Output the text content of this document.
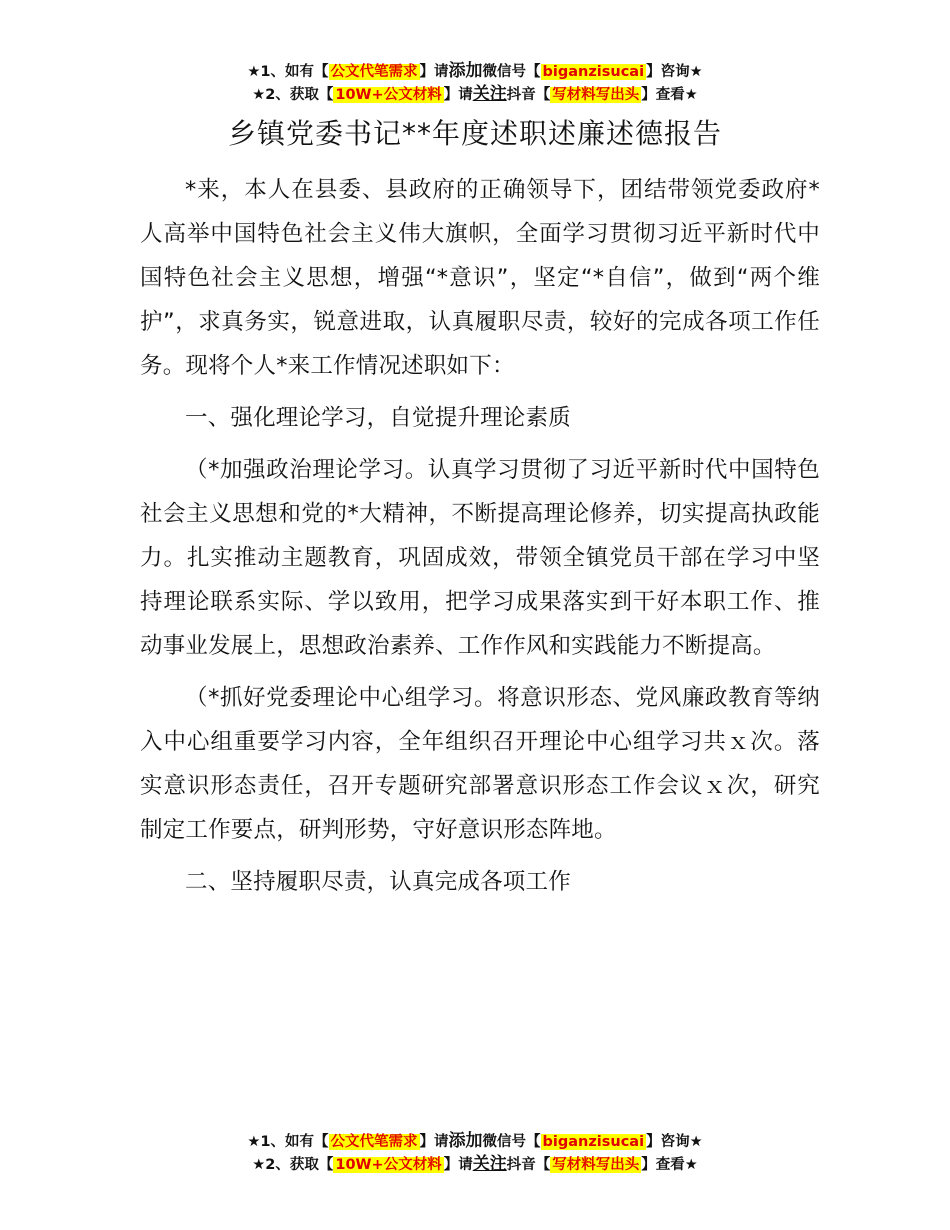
★1、如有【 公文代笔需求 】请添加微信号【 biganzisucai 】咨询★
★2、获取【 10W+公文材料 】请关注抖音【 写材料写出头 】查看★
乡镇党委书记**年度述职述廉述德报告

*来，本人在县委、县政府的正确领导下，团结带领党委政府*人高举中国特色社会主义伟大旗帜，全面学习贯彻习近平新时代中国特色社会主义思想，增强“*意识”，坚定“*自信”，做到“两个维护”，求真务实，锐意进取，认真履职尽责，较好的完成各项工作任务。现将个人*来工作情况述职如下：

一、强化理论学习，自觉提升理论素质

（*加强政治理论学习。认真学习贯彻了习近平新时代中国特色社会主义思想和党的*大精神，不断提高理论修养，切实提高执政能力。扎实推动主题教育，巩固成效，带领全镇党员干部在学习中坚持理论联系实际、学以致用，把学习成果落实到干好本职工作、推动事业发展上，思想政治素养、工作作风和实践能力不断提高。

（*抓好党委理论中心组学习。将意识形态、党风廉政教育等纳入中心组重要学习内容，全年组织召开理论中心组学习共ｘ次。落实意识形态责任，召开专题研究部署意识形态工作会议ｘ次，研究制定工作要点，研判形势，守好意识形态阵地。

二、坚持履职尽责，认真完成各项工作

★1、如有【 公文代笔需求 】请添加微信号【 biganzisucai 】咨询★
★2、获取【 10W+公文材料 】请关注抖音【 写材料写出头 】查看★
